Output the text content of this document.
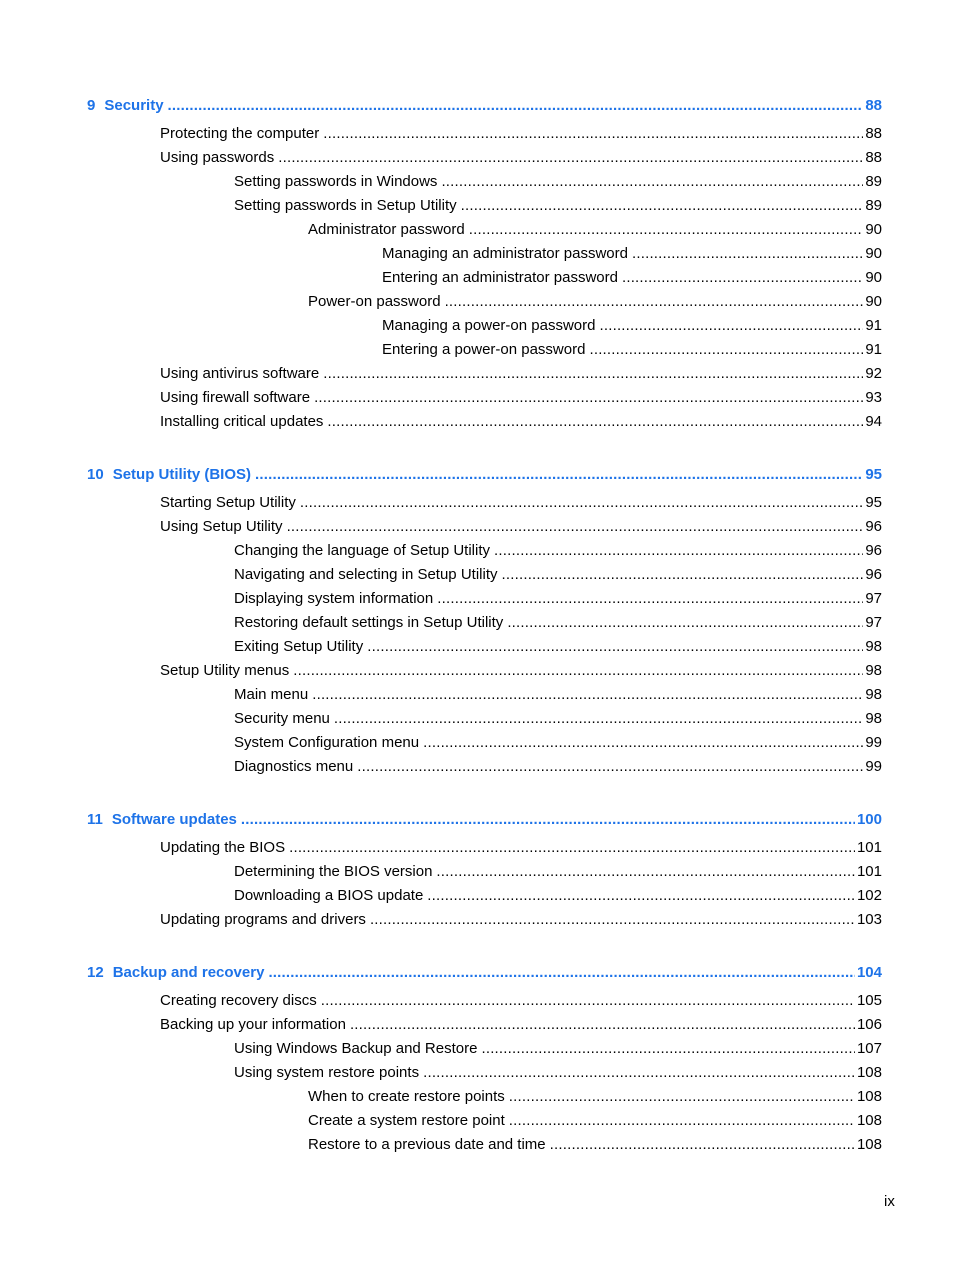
9 Security .....	88
Protecting the computer .....	88
Using passwords .....	88
Setting passwords in Windows .....	89
Setting passwords in Setup Utility .....	89
Administrator password .....	90
Managing an administrator password .....	90
Entering an administrator password .....	90
Power-on password .....	90
Managing a power-on password .....	91
Entering a power-on password .....	91
Using antivirus software .....	92
Using firewall software .....	93
Installing critical updates .....	94
10 Setup Utility (BIOS) .....	95
Starting Setup Utility .....	95
Using Setup Utility .....	96
Changing the language of Setup Utility .....	96
Navigating and selecting in Setup Utility .....	96
Displaying system information .....	97
Restoring default settings in Setup Utility .....	97
Exiting Setup Utility .....	98
Setup Utility menus .....	98
Main menu .....	98
Security menu .....	98
System Configuration menu .....	99
Diagnostics menu .....	99
11 Software updates .....	100
Updating the BIOS .....	101
Determining the BIOS version .....	101
Downloading a BIOS update .....	102
Updating programs and drivers .....	103
12 Backup and recovery .....	104
Creating recovery discs .....	105
Backing up your information .....	106
Using Windows Backup and Restore .....	107
Using system restore points .....	108
When to create restore points .....	108
Create a system restore point .....	108
Restore to a previous date and time .....	108
ix
